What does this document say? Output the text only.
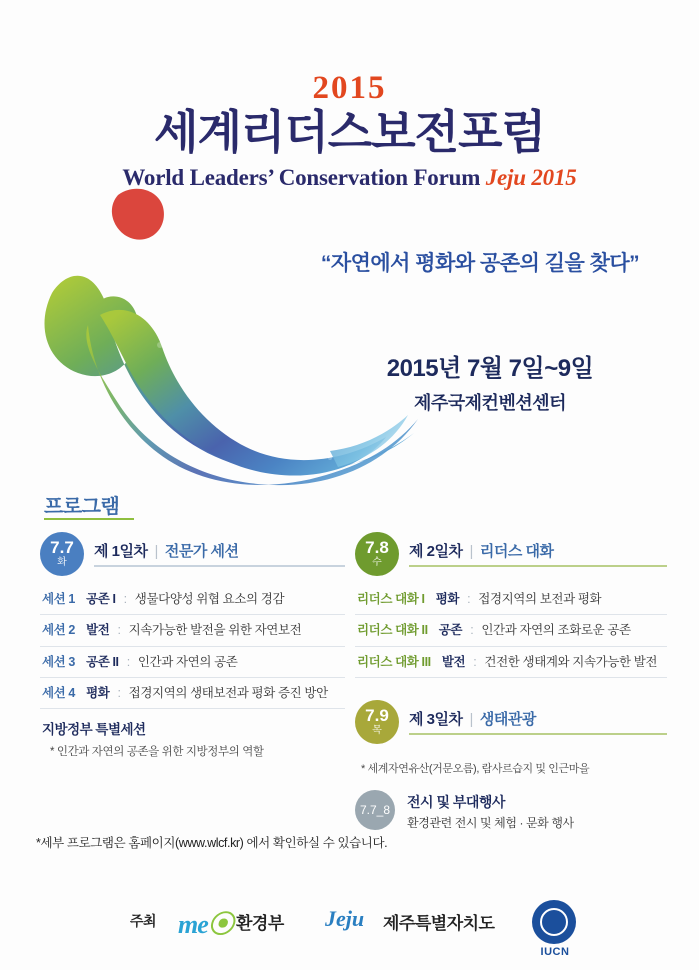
2015
세계리더스보전포럼
World Leaders’ Conservation Forum Jeju 2015
“자연에서 평화와 공존의 길을 찾다”
2015년 7월 7일~9일
제주국제컨벤션센터
프로그램
7.7
화
제 1일차 | 전문가 세션
세션 1 공존 I : 생물다양성 위협 요소의 경감
세션 2 발전 : 지속가능한 발전을 위한 자연보전
세션 3 공존 II : 인간과 자연의 공존
세션 4 평화 : 접경지역의 생태보전과 평화 증진 방안
지방정부 특별세션
* 인간과 자연의 공존을 위한 지방정부의 역할
7.8
수
제 2일차 | 리더스 대화
리더스 대화 I 평화 : 접경지역의 보전과 평화
리더스 대화 II 공존 : 인간과 자연의 조화로운 공존
리더스 대화 III 발전 : 건전한 생태계와 지속가능한 발전
7.9
목
제 3일차 | 생태관광
* 세계자연유산(거문오름), 람사르습지 및 인근마을
7.7_8	전시 및 부대행사
환경관련 전시 및 체험 · 문화 행사
*세부 프로그램은 홈페이지(www.wlcf.kr) 에서 확인하실 수 있습니다.
주최 me⦿ 환경부 Jeju 제주특별자치도
IUCN
